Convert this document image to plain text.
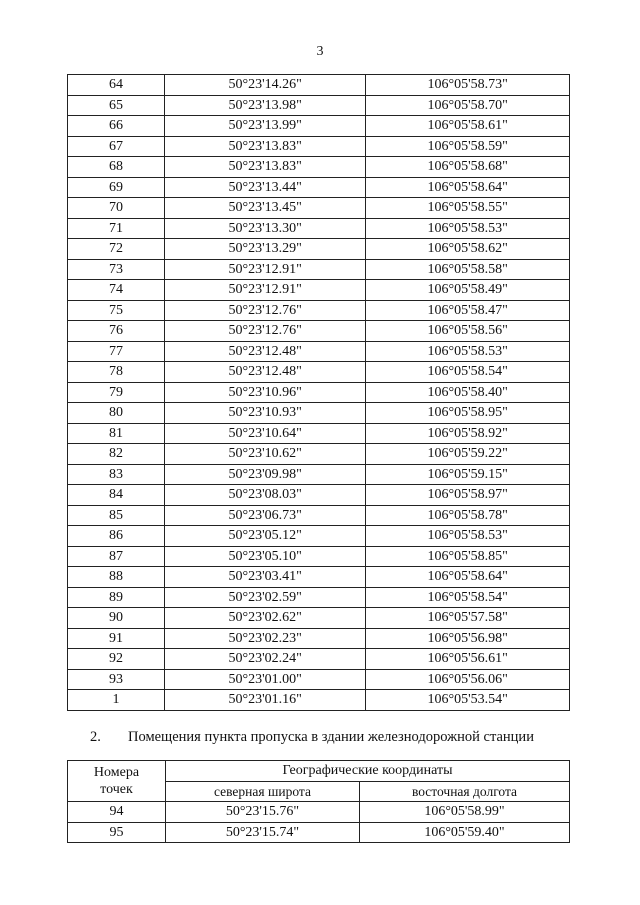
3
64	50°23'14.26"	106°05'58.73"
65	50°23'13.98"	106°05'58.70"
66	50°23'13.99"	106°05'58.61"
67	50°23'13.83"	106°05'58.59"
68	50°23'13.83"	106°05'58.68"
69	50°23'13.44"	106°05'58.64"
70	50°23'13.45"	106°05'58.55"
71	50°23'13.30"	106°05'58.53"
72	50°23'13.29"	106°05'58.62"
73	50°23'12.91"	106°05'58.58"
74	50°23'12.91"	106°05'58.49"
75	50°23'12.76"	106°05'58.47"
76	50°23'12.76"	106°05'58.56"
77	50°23'12.48"	106°05'58.53"
78	50°23'12.48"	106°05'58.54"
79	50°23'10.96"	106°05'58.40"
80	50°23'10.93"	106°05'58.95"
81	50°23'10.64"	106°05'58.92"
82	50°23'10.62"	106°05'59.22"
83	50°23'09.98"	106°05'59.15"
84	50°23'08.03"	106°05'58.97"
85	50°23'06.73"	106°05'58.78"
86	50°23'05.12"	106°05'58.53"
87	50°23'05.10"	106°05'58.85"
88	50°23'03.41"	106°05'58.64"
89	50°23'02.59"	106°05'58.54"
90	50°23'02.62"	106°05'57.58"
91	50°23'02.23"	106°05'56.98"
92	50°23'02.24"	106°05'56.61"
93	50°23'01.00"	106°05'56.06"
1	50°23'01.16"	106°05'53.54"
2. Помещения пункта пропуска в здании железнодорожной станции
Номера
точек	Географические координаты	
	северная широта	восточная долгота
94	50°23'15.76"	106°05'58.99"
95	50°23'15.74"	106°05'59.40"
